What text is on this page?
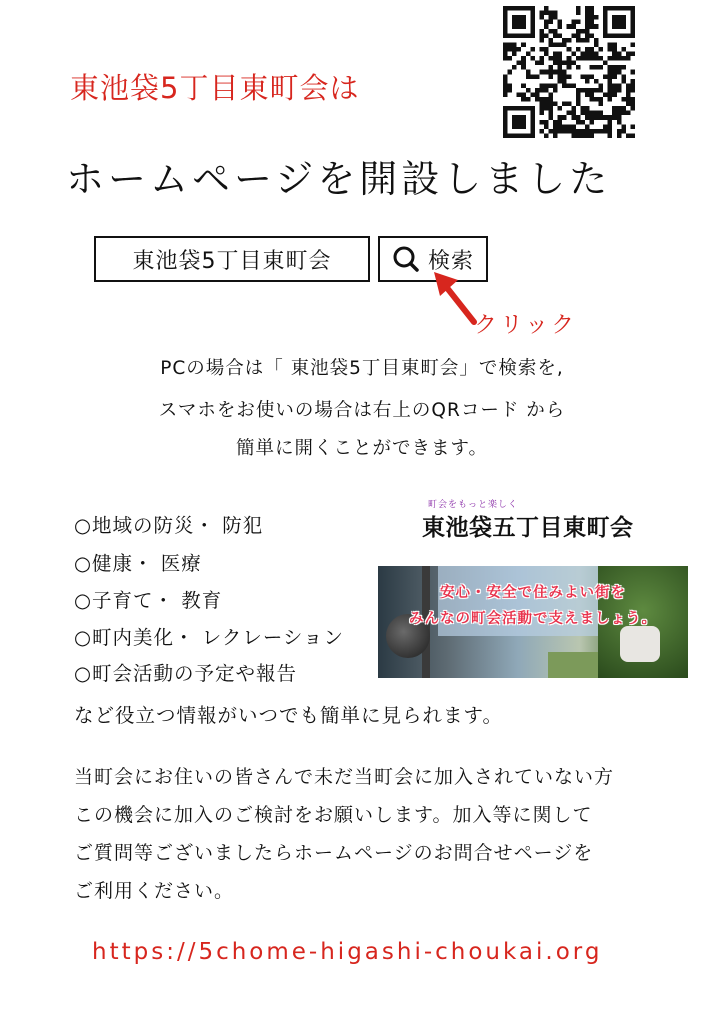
東池袋5丁目東町会は
ホームページを開設しました
東池袋5丁目東町会	検索
クリック
PCの場合は「 東池袋5丁目東町会」で検索を,
スマホをお使いの場合は右上のQRコード から
簡単に開くことができます。
○地域の防災・ 防犯
○健康・ 医療
○子育て・ 教育
○町内美化・ レクレーション
○町会活動の予定や報告
など役立つ情報がいつでも簡単に見られます。
町会をもっと楽しく
東池袋五丁目東町会
安心・安全で住みよい街を
みんなの町会活動で支えましょう。
当町会にお住いの皆さんで未だ当町会に加入されていない方
この機会に加入のご検討をお願いします。加入等に関して
ご質問等ございましたらホームページのお問合せページを
ご利用ください。
https://5chome-higashi-choukai.org
